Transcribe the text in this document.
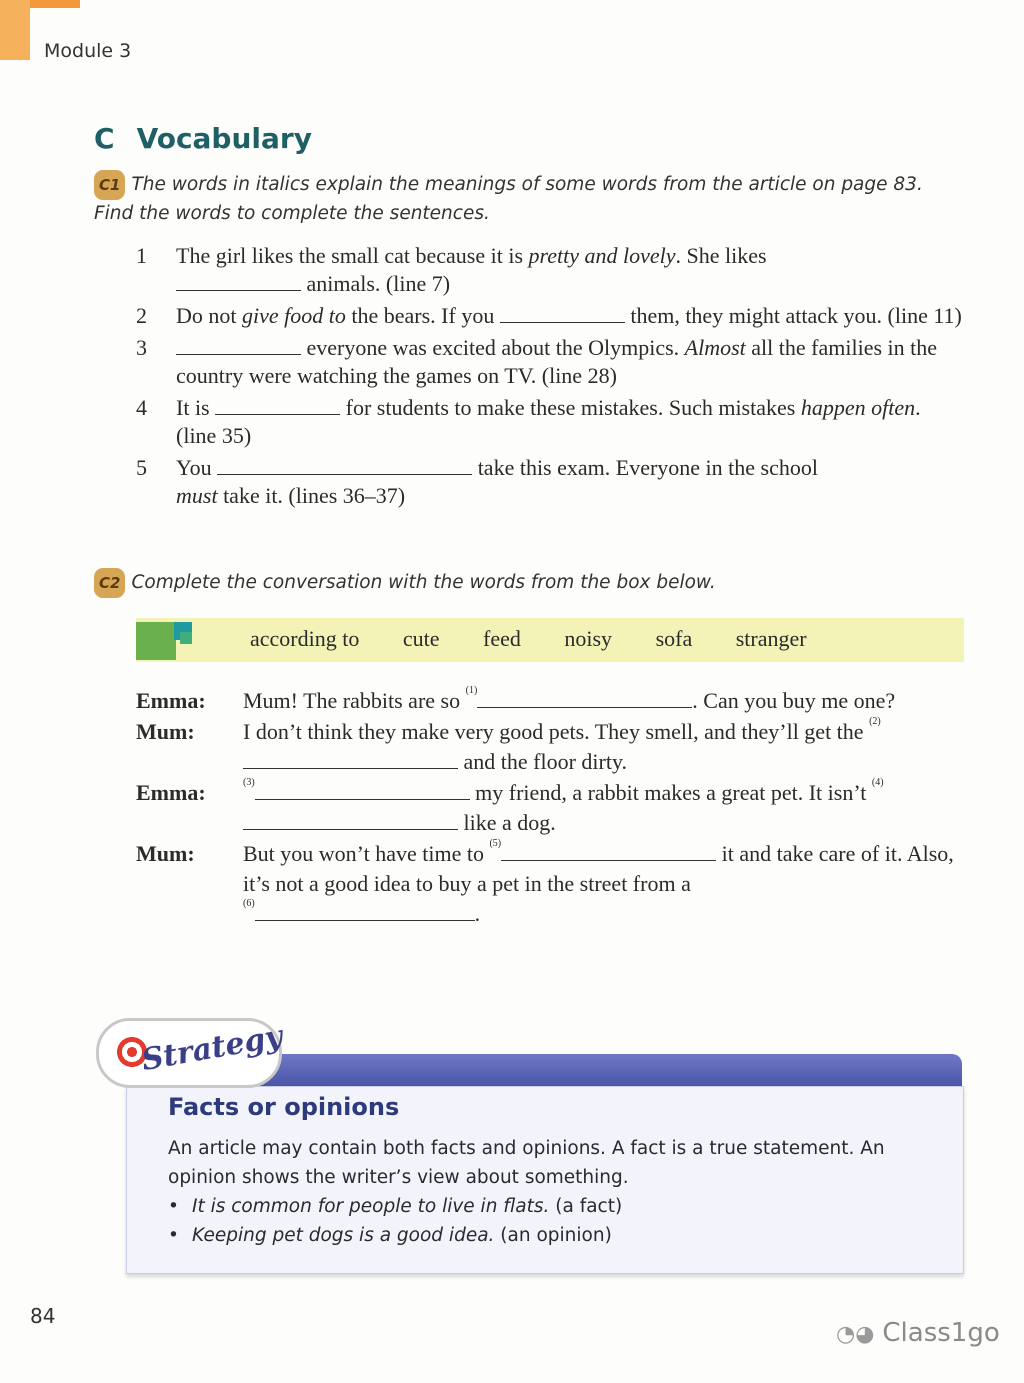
Module 3
C Vocabulary
C1 The words in italics explain the meanings of some words from the article on page 83. Find the words to complete the sentences.
1 The girl likes the small cat because it is pretty and lovely. She likes
animals. (line 7)
2 Do not give food to the bears. If you	them, they might attack you. (line 11)
3	everyone was excited about the Olympics. Almost all the families in the country were watching the games on TV. (line 28)
4 It is	for students to make these mistakes. Such mistakes happen often. (line 35)
5 You	take this exam. Everyone in the school
must take it. (lines 36–37)
C2 Complete the conversation with the words from the box below.
according to cute feed noisy sofa stranger
Emma: Mum! The rabbits are so $^{(1)}$	. Can you buy me one?
Mum: I don’t think they make very good pets. They smell, and they’ll get the $^{(2)}$ and the floor dirty.
Emma:	$^{(3)}$	my friend, a rabbit makes a great pet. It isn’t $^{(4)}$ like a dog.
Mum: But you won’t have time to $^{(5)}$	it and take care of it. Also, it’s not a good idea to buy a pet in the street from a
$^{(6)}$	.
Strategy
Facts or opinions
An article may contain both facts and opinions. A fact is a true statement. An opinion shows the writer’s view about something.
• It is common for people to live in flats. (a fact)
• Keeping pet dogs is a good idea. (an opinion)
84
◔◕ Class1go
